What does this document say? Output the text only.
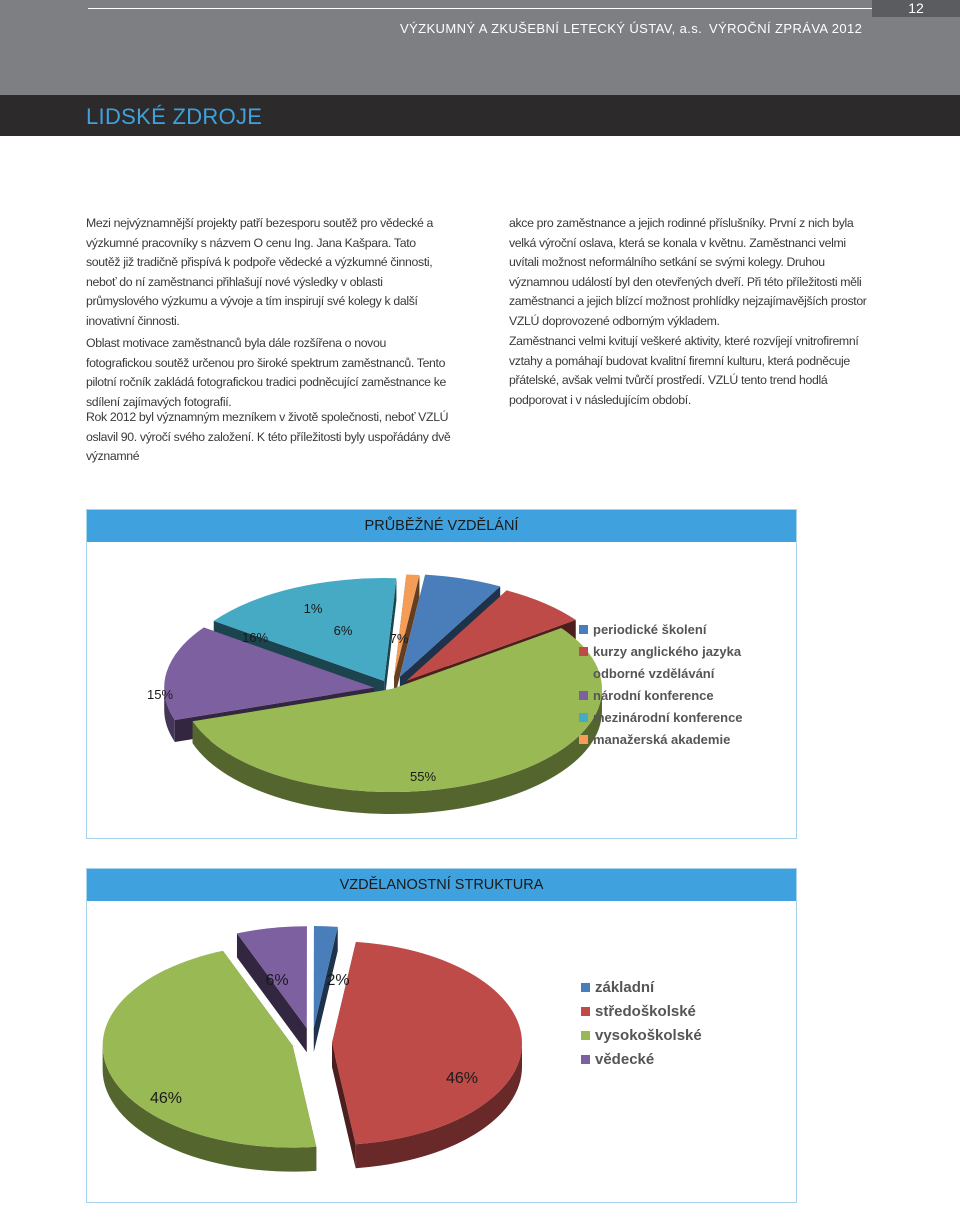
VÝZKUMNÝ A ZKUŠEBNÍ LETECKÝ ÚSTAV, a.s. VÝROČNÍ ZPRÁVA 2012
12
LIDSKÉ ZDROJE

Mezi nejvýznamnější projekty patří bezesporu soutěž pro vědecké a výzkumné pracovníky s názvem O cenu Ing. Jana Kašpara. Tato soutěž již tradičně přispívá k podpoře vědecké a výzkumné činnosti, neboť do ní zaměstnanci přihlašují nové výsledky v oblasti průmyslového výzkumu a vývoje a tím inspirují své kolegy k další inovativní činnosti.

Oblast motivace zaměstnanců byla dále rozšířena o novou fotografickou soutěž určenou pro široké spektrum zaměstnanců. Tento pilotní ročník zakládá fotografickou tradici podněcující zaměstnance ke sdílení zajímavých fotografií.

Rok 2012 byl významným mezníkem v životě společnosti, neboť VZLÚ oslavil 90. výročí svého založení. K této příležitosti byly uspořádány dvě významné

akce pro zaměstnance a jejich rodinné příslušníky. První z nich byla velká výroční oslava, která se konala v květnu. Zaměstnanci velmi uvítali možnost neformálního setkání se svými kolegy. Druhou významnou událostí byl den otevřených dveří. Při této příležitosti měli zaměstnanci a jejich blízcí možnost prohlídky nejzajímavějších prostor VZLÚ doprovozené odborným výkladem.

Zaměstnanci velmi kvitují veškeré aktivity, které rozvíjejí vnitrofiremní vztahy a pomáhají budovat kvalitní firemní kulturu, která podněcuje přátelské, avšak velmi tvůrčí prostředí. VZLÚ tento trend hodlá podporovat i v následujícím období.

PRŮBĚŽNÉ VZDĚLÁNÍ
6%
7%
55%
15%
16%
1%
periodické školení
kurzy anglického jazyka
odborné vzdělávání
národní konference
mezinárodní konference
manažerská akademie
VZDĚLANOSTNÍ STRUKTURA
2%
46%
46%
6%	základní
středoškolské
vysokoškolské
vědecké
